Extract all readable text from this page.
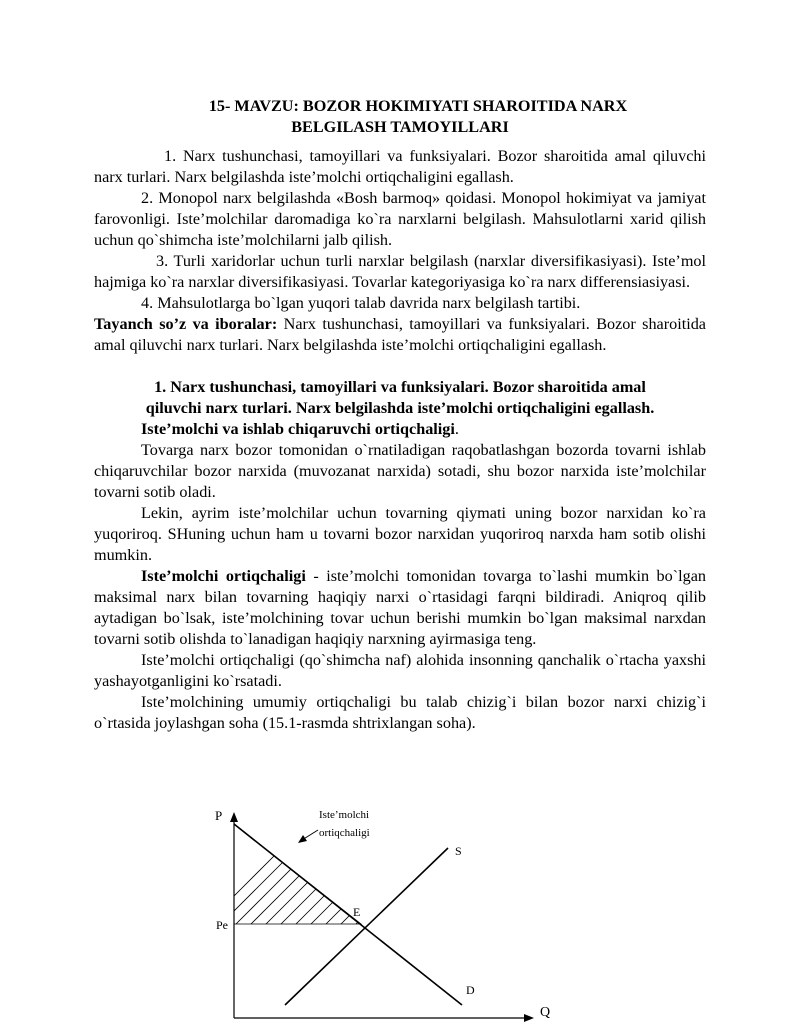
15- MAVZU: BOZOR HOKIMIYATI SHAROITIDA NARX
BELGILASH TAMOYILLARI

1. Narx tushunchasi, tamoyillari va funksiyalari. Bozor sharoitida amal qiluvchi narx turlari. Narx belgilashda iste’molchi ortiqchaligini egallash.

2. Monopol narx belgilashda «Bosh barmoq» qoidasi. Monopol hokimiyat va jamiyat farovonligi. Iste’molchilar daromadiga ko`ra narxlarni belgilash. Mahsulotlarni xarid qilish uchun qo`shimcha iste’molchilarni jalb qilish.

3. Turli xaridorlar uchun turli narxlar belgilash (narxlar diversifikasiyasi). Iste’mol hajmiga ko`ra narxlar diversifikasiyasi. Tovarlar kategoriyasiga ko`ra narx differensiasiyasi.

4. Mahsulotlarga bo`lgan yuqori talab davrida narx belgilash tartibi.

Tayanch so’z va iboralar: Narx tushunchasi, tamoyillari va funksiyalari. Bozor sharoitida amal qiluvchi narx turlari. Narx belgilashda iste’molchi ortiqchaligini egallash.

1. Narx tushunchasi, tamoyillari va funksiyalari. Bozor sharoitida amal
qiluvchi narx turlari. Narx belgilashda iste’molchi ortiqchaligini egallash.

Iste’molchi va ishlab chiqaruvchi ortiqchaligi.

Tovarga narx bozor tomonidan o`rnatiladigan raqobatlashgan bozorda tovarni ishlab chiqaruvchilar bozor narxida (muvozanat narxida) sotadi, shu bozor narxida iste’molchilar tovarni sotib oladi.

Lekin, ayrim iste’molchilar uchun tovarning qiymati uning bozor narxidan ko`ra yuqoriroq. SHuning uchun ham u tovarni bozor narxidan yuqoriroq narxda ham sotib olishi mumkin.

Iste’molchi ortiqchaligi - iste’molchi tomonidan tovarga to`lashi mumkin bo`lgan maksimal narx bilan tovarning haqiqiy narxi o`rtasidagi farqni bildiradi. Aniqroq qilib aytadigan bo`lsak, iste’molchining tovar uchun berishi mumkin bo`lgan maksimal narxdan tovarni sotib olishda to`lanadigan haqiqiy narxning ayirmasiga teng.

Iste’molchi ortiqchaligi (qo`shimcha naf) alohida insonning qanchalik o`rtacha yaxshi yashayotganligini ko`rsatadi.

Iste’molchining umumiy ortiqchaligi bu talab chizig`i bilan bozor narxi chizig`i o`rtasida joylashgan soha (15.1-rasmda shtrixlangan soha).

P
Q
Pe
E
S
D
Iste’molchi
ortiqchaligi
